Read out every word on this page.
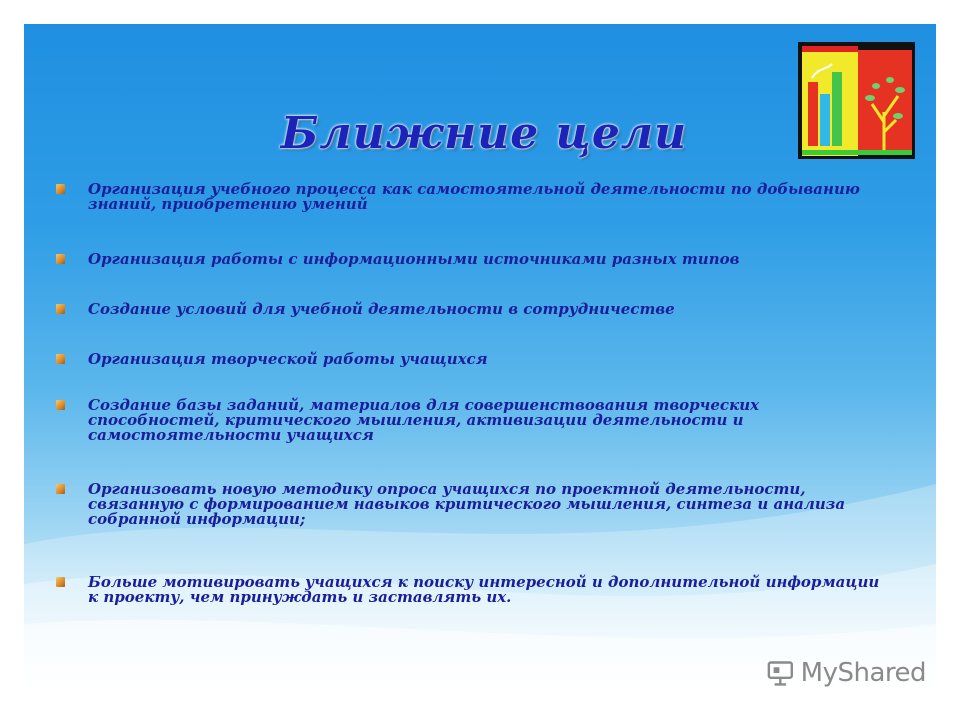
Ближние цели
Организация учебного процесса как самостоятельной деятельности по добыванию знаний, приобретению умений
Организация работы с информационными источниками разных типов
Создание условий для учебной деятельности в сотрудничестве
Организация творческой работы учащихся
Создание базы заданий, материалов для совершенствования творческих способностей, критического мышления, активизации деятельности и самостоятельности учащихся
Организовать новую методику опроса учащихся по проектной деятельности, связанную с формированием навыков критического мышления, синтеза и анализа собранной информации;
Больше мотивировать учащихся к поиску интересной и дополнительной информации к проекту, чем принуждать и заставлять их.
MyShared
